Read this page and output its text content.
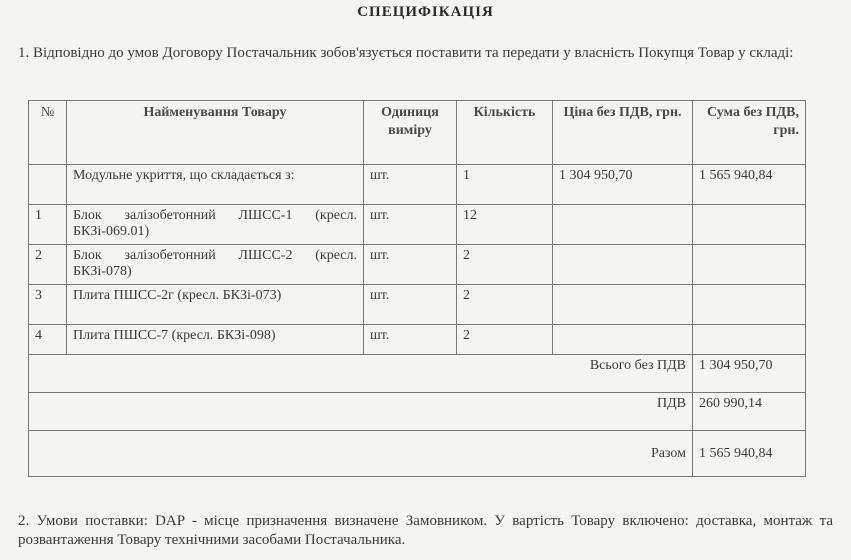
СПЕЦИФІКАЦІЯ
1. Відповідно до умов Договору Постачальник зобов'язується поставити та передати у власність Покупця Товар у складі:
№	Найменування Товару	Одиниця виміру	Кількість	Ціна без ПДВ, грн.	Сума без ПДВ, грн.
	Модульне укриття, що складається з:	шт.	1	1 304 950,70	1 565 940,84
1	Блок залізобетонний ЛШСС-1 (кресл. БКЗі-069.01)	шт.	12		
2	Блок залізобетонний ЛШСС-2 (кресл. БКЗі-078)	шт.	2		
3	Плита ПШСС-2г (кресл. БКЗі-073)	шт.	2		
4	Плита ПШСС-7 (кресл. БКЗі-098)	шт.	2		
Всього без ПДВ					1 304 950,70
ПДВ					260 990,14
Разом					1 565 940,84
2. Умови поставки: DAP - місце призначення визначене Замовником. У вартість Товару включено: доставка, монтаж та розвантаження Товару технічними засобами Постачальника.
